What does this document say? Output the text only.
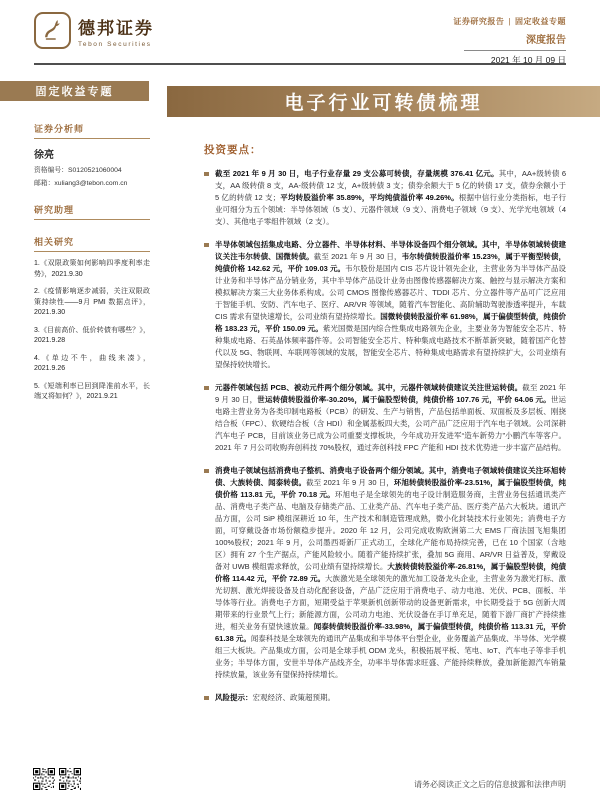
德邦证券
Tebon Securities
证券研究报告 | 固定收益专题
深度报告
2021 年 10 月 09 日
固定收益专题
电子行业可转债梳理
证券分析师
徐亮
资格编号：S0120521060004
邮箱：xuliang3@tebon.com.cn
研究助理
相关研究
1.《双限政策如何影响四季度利率走势》，2021.9.30
2.《疫情影响逐步减弱，关注双限政策持续性——9月 PMI 数据点评》，2021.9.30
3.《目前高价、低价转债有哪些？》，2021.9.28
4.《单边不牛，曲线来凑》，2021.9.26
5.《短端利率已回到降准前水平，长端又将如何？》，2021.9.21
投资要点：
截至 2021 年 9 月 30 日，电子行业存量 29 支公募可转债，存量规模 376.41 亿元。其中，AA+级转债 6 支，AA 级转债 8 支，AA-级转债 12 支，A+级转债 3 支；债券余额大于 5 亿的转债 17 支，债券余额小于 5 亿的转债 12 支；平均转股溢价率 35.89%，平均纯债溢价率 49.26%。根据中信行业分类指标，电子行业可细分为五个领域：半导体领域（5 支）、元器件领域（9 支）、消费电子领域（9 支）、光学光电领域（4 支）、其他电子零组件领域（2 支）。
半导体领域包括集成电路、分立器件、半导体材料、半导体设备四个细分领域。其中，半导体领域转债建议关注韦尔转债、国微转债。截至 2021 年 9 月 30 日，韦尔转债转股溢价率 15.23%，属于平衡型转债，纯债价格 142.62 元，平价 109.03 元。韦尔股份是国内 CIS 芯片设计领先企业，主营业务为半导体产品设计业务和半导体产品分销业务，其中半导体产品设计业务由图像传感器解决方案、触控与显示解决方案和模拟解决方案三大业务体系构成。公司 CMOS 图像传感器芯片、TDDI 芯片、分立器件等产品可广泛应用于智能手机、安防、汽车电子、医疗、AR/VR 等领域，随着汽车智能化、高阶辅助驾驶渗透率提升，车载 CIS 需求有望快速增长，公司业绩有望持续增长。国微转债转股溢价率 61.98%，属于偏债型转债，纯债价格 183.23 元，平价 150.09 元。紫光国微是国内综合性集成电路领先企业，主要业务为智能安全芯片、特种集成电路、石英晶体频率器件等。公司智能安全芯片、特种集成电路技术不断革新突破，随着国产化替代以及 5G、物联网、车联网等领域的发展，智能安全芯片、特种集成电路需求有望持续扩大，公司业绩有望保持较快增长。
元器件领域包括 PCB、被动元件两个细分领域。其中，元器件领域转债建议关注世运转债。截至 2021 年 9 月 30 日，世运转债转股溢价率-30.20%，属于偏股型转债，纯债价格 107.76 元，平价 64.06 元。世运电路主营业务为各类印制电路板（PCB）的研发、生产与销售，产品包括单面板、双面板及多层板、刚挠结合板（FPC）、软硬结合板（含 HDI）和金属基板四大类，公司产品广泛应用于汽车电子领域。公司深耕汽车电子 PCB，目前该业务已成为公司重要支撑板块，今年成功开发进军“造车新势力”小鹏汽车等客户。2021 年 7 月公司收购奔创科技 70%股权，通过奔创科技 FPC 产能和 HDI 技术优势进一步丰富产品结构。
消费电子领域包括消费电子整机、消费电子设备两个细分领域。其中，消费电子领域转债建议关注环旭转债、大族转债、闻泰转债。截至 2021 年 9 月 30 日，环旭转债转股溢价率-23.51%，属于偏股型转债，纯债价格 113.81 元，平价 70.18 元。环旭电子是全球领先的电子设计制造服务商，主营业务包括通讯类产品、消费电子类产品、电脑及存储类产品、工业类产品、汽车电子类产品、医疗类产品六大板块。通讯产品方面，公司 SiP 模组深耕近 10 年，生产技术和制造管理成熟，微小化封装技术行业领先；消费电子方面，可穿戴设备市场份额稳步提升。2020 年 12 月，公司完成收购欧洲第二大 EMS 厂商法国飞旭集团 100%股权；2021 年 9 月，公司墨西哥新厂正式动工，全球化产能布局持续完善，已在 10 个国家（含地区）拥有 27 个生产据点，产能风险较小。随着产能持续扩张，叠加 5G 商用、AR/VR 日益普及，穿戴设备对 UWB 模组需求释放，公司业绩有望持续增长。大族转债转股溢价率-26.81%，属于偏股型转债，纯债价格 114.42 元，平价 72.89 元。大族激光是全球领先的激光加工设备龙头企业，主营业务为激光打标、激光切割、激光焊接设备及自动化配套设备，产品广泛应用于消费电子、动力电池、光伏、PCB、面板、半导体等行业。消费电子方面，短期受益于苹果新机创新带动的设备更新需求，中长期受益于 5G 创新大周期带来的行业景气上行；新能源方面，公司动力电池、光伏设备在手订单充足，随着下游厂商扩产持续推进，相关业务有望快速放量。闻泰转债转股溢价率-33.98%，属于偏债型转债，纯债价格 113.31 元，平价 61.38 元。闻泰科技是全球领先的通讯产品集成和半导体平台型企业，业务覆盖产品集成、半导体、光学模组三大板块。产品集成方面，公司是全球手机 ODM 龙头，积极拓展平板、笔电、IoT、汽车电子等非手机业务；半导体方面，安世半导体产品线齐全，功率半导体需求旺盛、产能持续释放，叠加新能源汽车销量持续放量，该业务有望保持持续增长。
风险提示：宏观经济、政策超预期。
请务必阅读正文之后的信息披露和法律声明
